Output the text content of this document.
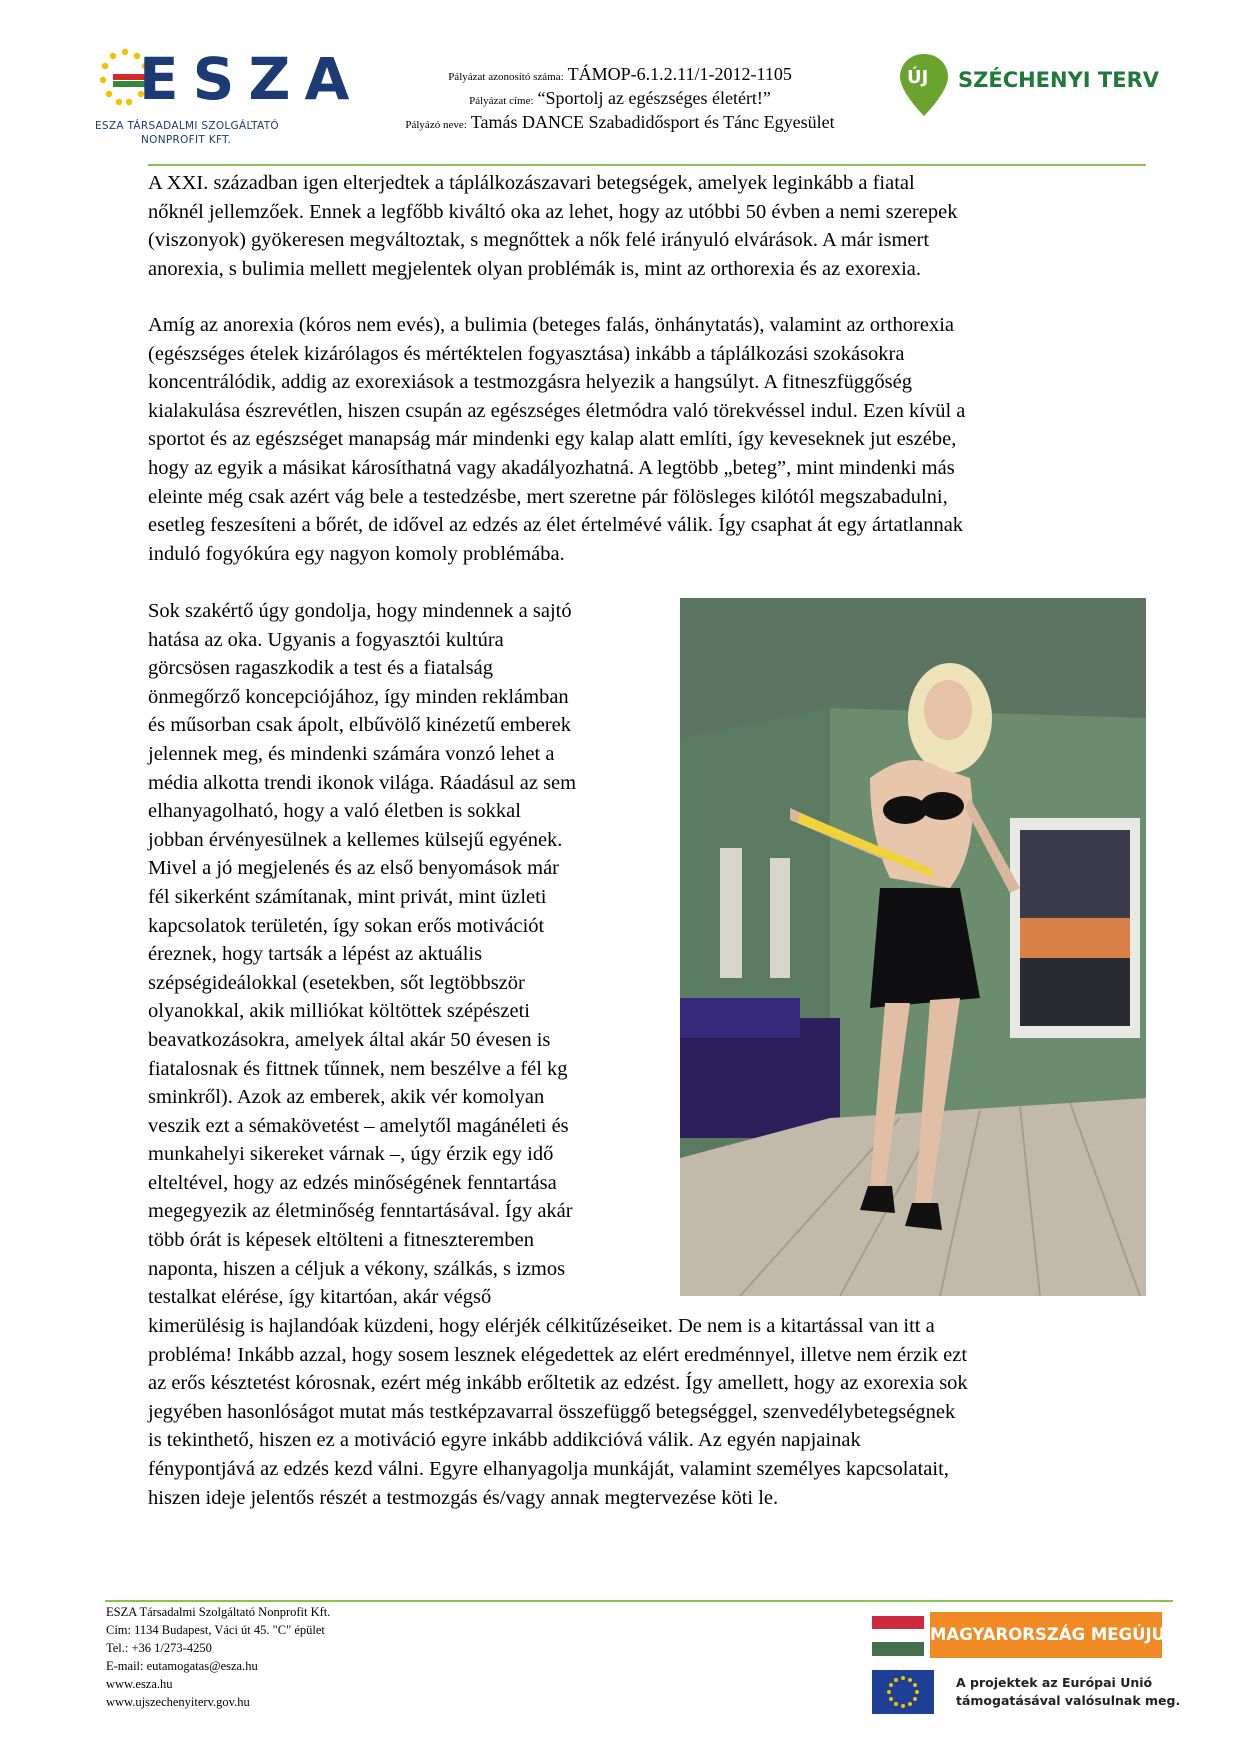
ESZA
ESZA TÁRSADALMI SZOLGÁLTATÓ
NONPROFIT KFT.
Pályázat azonosító száma: TÁMOP-6.1.2.11/1-2012-1105
Pályázat címe: “Sportolj az egészséges életért!”
Pályázó neve: Tamás DANCE Szabadidősport és Tánc Egyesület
ÚJ SZÉCHENYI TERV
A XXI. században igen elterjedtek a táplálkozászavari betegségek, amelyek leginkább a fiatal
nőknél jellemzőek. Ennek a legfőbb kiváltó oka az lehet, hogy az utóbbi 50 évben a nemi szerepek
(viszonyok) gyökeresen megváltoztak, s megnőttek a nők felé irányuló elvárások. A már ismert
anorexia, s bulimia mellett megjelentek olyan problémák is, mint az orthorexia és az exorexia.
Amíg az anorexia (kóros nem evés), a bulimia (beteges falás, önhánytatás), valamint az orthorexia
(egészséges ételek kizárólagos és mértéktelen fogyasztása) inkább a táplálkozási szokásokra
koncentrálódik, addig az exorexiások a testmozgásra helyezik a hangsúlyt. A fitneszfüggőség
kialakulása észrevétlen, hiszen csupán az egészséges életmódra való törekvéssel indul. Ezen kívül a
sportot és az egészséget manapság már mindenki egy kalap alatt említi, így keveseknek jut eszébe,
hogy az egyik a másikat károsíthatná vagy akadályozhatná. A legtöbb „beteg”, mint mindenki más
eleinte még csak azért vág bele a testedzésbe, mert szeretne pár fölösleges kilótól megszabadulni,
esetleg feszesíteni a bőrét, de idővel az edzés az élet értelmévé válik. Így csaphat át egy ártatlannak
induló fogyókúra egy nagyon komoly problémába.
Sok szakértő úgy gondolja, hogy mindennek a sajtó
hatása az oka. Ugyanis a fogyasztói kultúra
görcsösen ragaszkodik a test és a fiatalság
önmegőrző koncepciójához, így minden reklámban
és műsorban csak ápolt, elbűvölő kinézetű emberek
jelennek meg, és mindenki számára vonzó lehet a
média alkotta trendi ikonok világa. Ráadásul az sem
elhanyagolható, hogy a való életben is sokkal
jobban érvényesülnek a kellemes külsejű egyének.
Mivel a jó megjelenés és az első benyomások már
fél sikerként számítanak, mint privát, mint üzleti
kapcsolatok területén, így sokan erős motivációt
éreznek, hogy tartsák a lépést az aktuális
szépségideálokkal (esetekben, sőt legtöbbször
olyanokkal, akik milliókat költöttek szépészeti
beavatkozásokra, amelyek által akár 50 évesen is
fiatalosnak és fittnek tűnnek, nem beszélve a fél kg
sminkről). Azok az emberek, akik vér komolyan
veszik ezt a sémakövetést – amelytől magánéleti és
munkahelyi sikereket várnak –, úgy érzik egy idő
elteltével, hogy az edzés minőségének fenntartása
megegyezik az életminőség fenntartásával. Így akár
több órát is képesek eltölteni a fitneszteremben
naponta, hiszen a céljuk a vékony, szálkás, s izmos
testalkat elérése, így kitartóan, akár végső
kimerülésig is hajlandóak küzdeni, hogy elérjék célkitűzéseiket. De nem is a kitartással van itt a
probléma! Inkább azzal, hogy sosem lesznek elégedettek az elért eredménnyel, illetve nem érzik ezt
az erős késztetést kórosnak, ezért még inkább erőltetik az edzést. Így amellett, hogy az exorexia sok
jegyében hasonlóságot mutat más testképzavarral összefüggő betegséggel, szenvedélybetegségnek
is tekinthető, hiszen ez a motiváció egyre inkább addikcióvá válik. Az egyén napjainak
fénypontjává az edzés kezd válni. Egyre elhanyagolja munkáját, valamint személyes kapcsolatait,
hiszen ideje jelentős részét a testmozgás és/vagy annak megtervezése köti le.
ESZA Társadalmi Szolgáltató Nonprofit Kft.
Cím: 1134 Budapest, Váci út 45. "C" épület
Tel.: +36 1/273-4250
E-mail: eutamogatas@esza.hu
www.esza.hu
www.ujszechenyiterv.gov.hu
MAGYARORSZÁG MEGÚJUL
A projektek az Európai Unió
támogatásával valósulnak meg.
